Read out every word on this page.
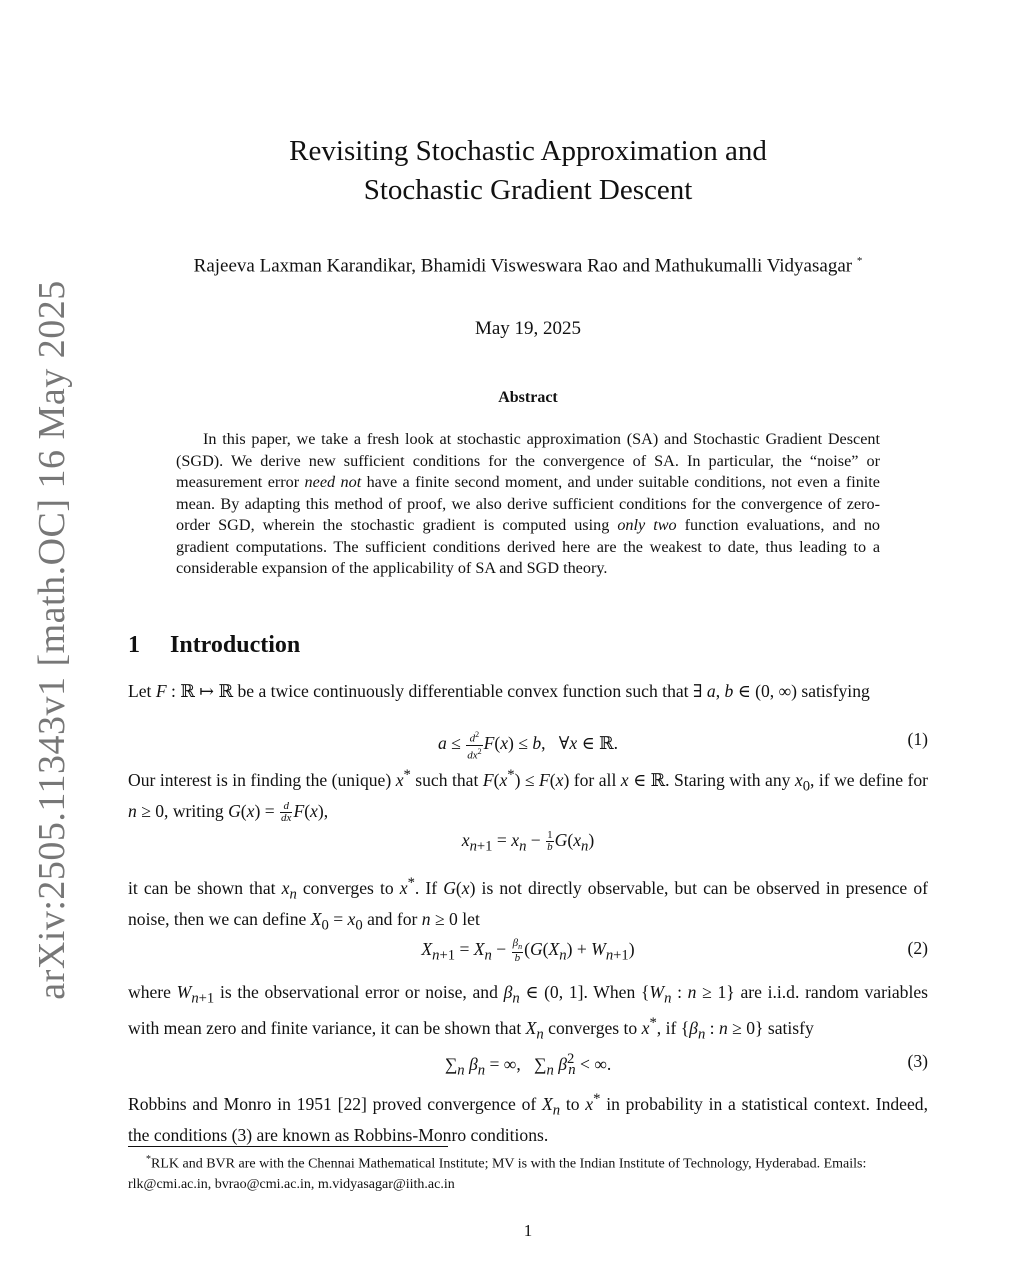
arXiv:2505.11343v1 [math.OC] 16 May 2025
Revisiting Stochastic Approximation and
Stochastic Gradient Descent
Rajeeva Laxman Karandikar, Bhamidi Visweswara Rao and Mathukumalli Vidyasagar *
May 19, 2025
Abstract
In this paper, we take a fresh look at stochastic approximation (SA) and Stochastic Gradient Descent (SGD). We derive new sufficient conditions for the convergence of SA. In particular, the “noise” or measurement error need not have a finite second moment, and under suitable conditions, not even a finite mean. By adapting this method of proof, we also derive sufficient conditions for the convergence of zero-order SGD, wherein the stochastic gradient is computed using only two function evaluations, and no gradient computations. The sufficient conditions derived here are the weakest to date, thus leading to a considerable expansion of the applicability of SA and SGD theory.
1 Introduction
Let F : ℝ ↦ ℝ be a twice continuously differentiable convex function such that ∃ a, b ∈ (0, ∞) satisfying
$a \le \frac{d^2}{dx^2} F(x) \le b$,   ∀x ∈ ℝ.	(1)
Our interest is in finding the (unique) x* such that F(x*) ≤ F(x) for all x ∈ ℝ. Staring with any $x_0$, if we define for n ≥ 0, writing $G(x) = \frac{d}{dx} F(x)$,
$x_{n+1} = x_n - \frac{1}{b} G(x_n)$
it can be shown that $x_n$ converges to x*. If G(x) is not directly observable, but can be observed in presence of noise, then we can define $X_0 = x_0$ and for n ≥ 0 let
$X_{n+1} = X_n - \frac{\beta_n}{b} (G(X_n) + W_{n+1})$	(2)
where $W_{n+1}$ is the observational error or noise, and $\beta_n$ ∈ (0, 1]. When {$W_n$ : n ≥ 1} are i.i.d. random variables with mean zero and finite variance, it can be shown that $X_n$ converges to x*, if {$\beta_n$ : n ≥ 0} satisfy
$\sum_n$ $\beta_n$ = ∞,   $\sum_n$ $\beta^2_n$ < ∞.	(3)
Robbins and Monro in 1951 [22] proved convergence of $X_n$ to x* in probability in a statistical context. Indeed, the conditions (3) are known as Robbins-Monro conditions.
*RLK and BVR are with the Chennai Mathematical Institute; MV is with the Indian Institute of Technology, Hyderabad. Emails: rlk@cmi.ac.in, bvrao@cmi.ac.in, m.vidyasagar@iith.ac.in
1
